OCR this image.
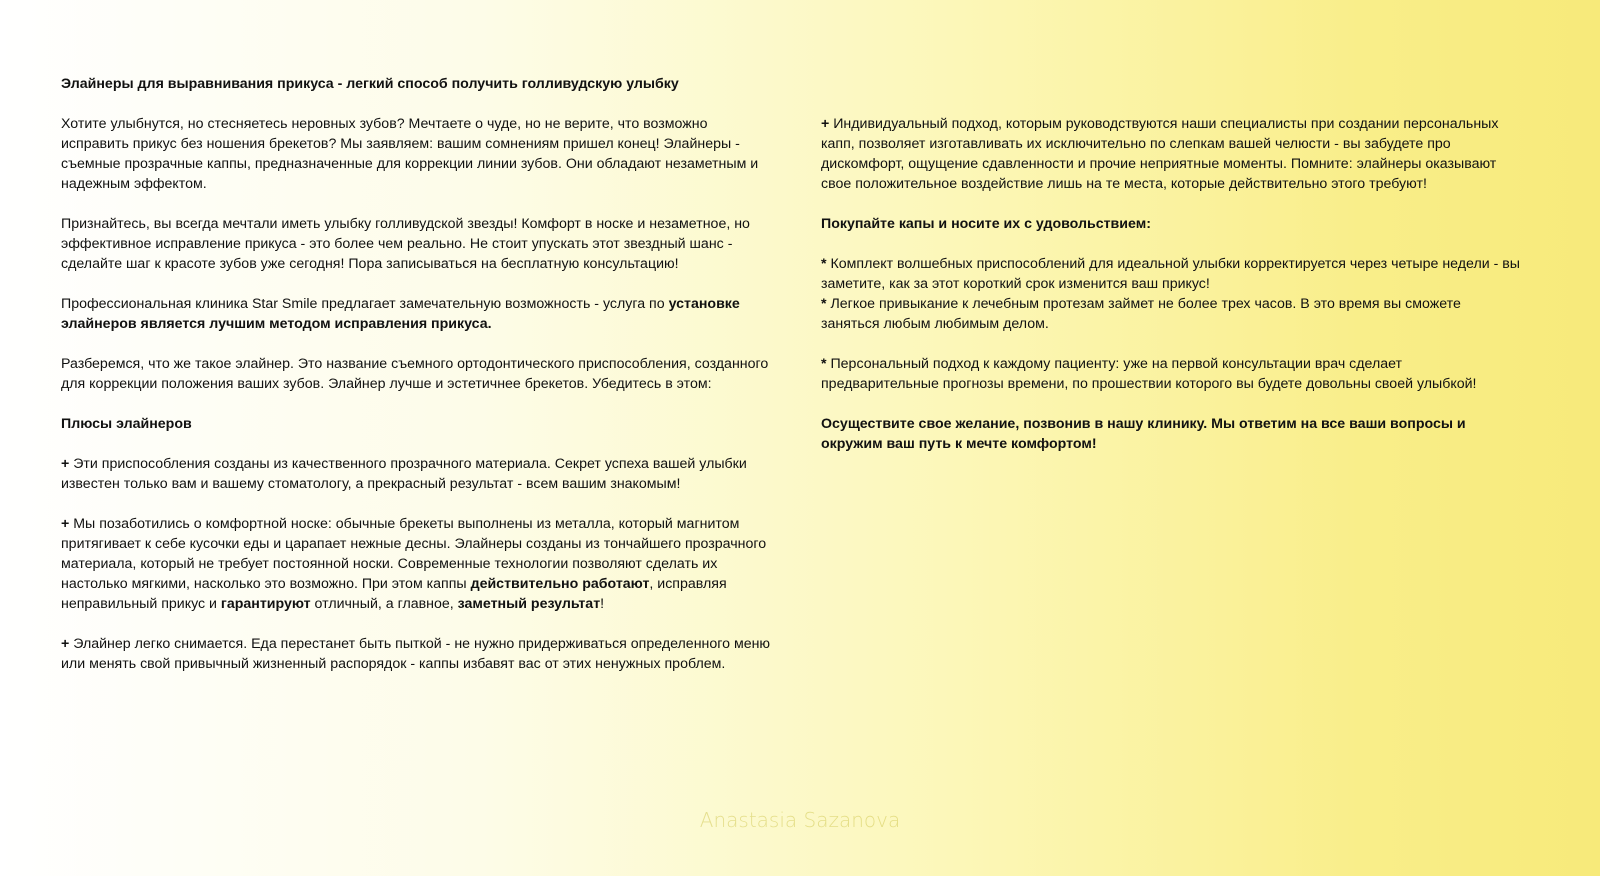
Элайнеры для выравнивания прикуса - легкий способ получить голливудскую улыбку

Хотите улыбнутся, но стесняетесь неровных зубов? Мечтаете о чуде, но не верите, что возможно исправить прикус без ношения брекетов? Мы заявляем: вашим сомнениям пришел конец! Элайнеры - съемные прозрачные каппы, предназначенные для коррекции линии зубов. Они обладают незаметным и надежным эффектом.

Признайтесь, вы всегда мечтали иметь улыбку голливудской звезды! Комфорт в носке и незаметное, но эффективное исправление прикуса - это более чем реально. Не стоит упускать этот звездный шанс - сделайте шаг к красоте зубов уже сегодня! Пора записываться на бесплатную консультацию!

Профессиональная клиника Star Smile предлагает замечательную возможность - услуга по установке элайнеров является лучшим методом исправления прикуса.

Разберемся, что же такое элайнер. Это название съемного ортодонтического приспособления, созданного для коррекции положения ваших зубов. Элайнер лучше и эстетичнее брекетов. Убедитесь в этом:

Плюсы элайнеров

+ Эти приспособления созданы из качественного прозрачного материала. Секрет успеха вашей улыбки известен только вам и вашему стоматологу, а прекрасный результат - всем вашим знакомым!

+ Мы позаботились о комфортной носке: обычные брекеты выполнены из металла, который магнитом притягивает к себе кусочки еды и царапает нежные десны. Элайнеры созданы из тончайшего прозрачного материала, который не требует постоянной носки. Современные технологии позволяют сделать их настолько мягкими, насколько это возможно. При этом каппы действительно работают, исправляя неправильный прикус и гарантируют отличный, а главное, заметный результат!

+ Элайнер легко снимается. Еда перестанет быть пыткой - не нужно придерживаться определенного меню или менять свой привычный жизненный распорядок - каппы избавят вас от этих ненужных проблем.

+ Индивидуальный подход, которым руководствуются наши специалисты при создании персональных капп, позволяет изготавливать их исключительно по слепкам вашей челюсти - вы забудете про дискомфорт, ощущение сдавленности и прочие неприятные моменты. Помните: элайнеры оказывают свое положительное воздействие лишь на те места, которые действительно этого требуют!

Покупайте капы и носите их с удовольствием:

* Комплект волшебных приспособлений для идеальной улыбки корректируется через четыре недели - вы заметите, как за этот короткий срок изменится ваш прикус!

* Легкое привыкание к лечебным протезам займет не более трех часов. В это время вы сможете заняться любым любимым делом.

* Персональный подход к каждому пациенту: уже на первой консультации врач сделает предварительные прогнозы времени, по прошествии которого вы будете довольны своей улыбкой!

Осуществите свое желание, позвонив в нашу клинику. Мы ответим на все ваши вопросы и окружим ваш путь к мечте комфортом!

Anastasia Sazanova
